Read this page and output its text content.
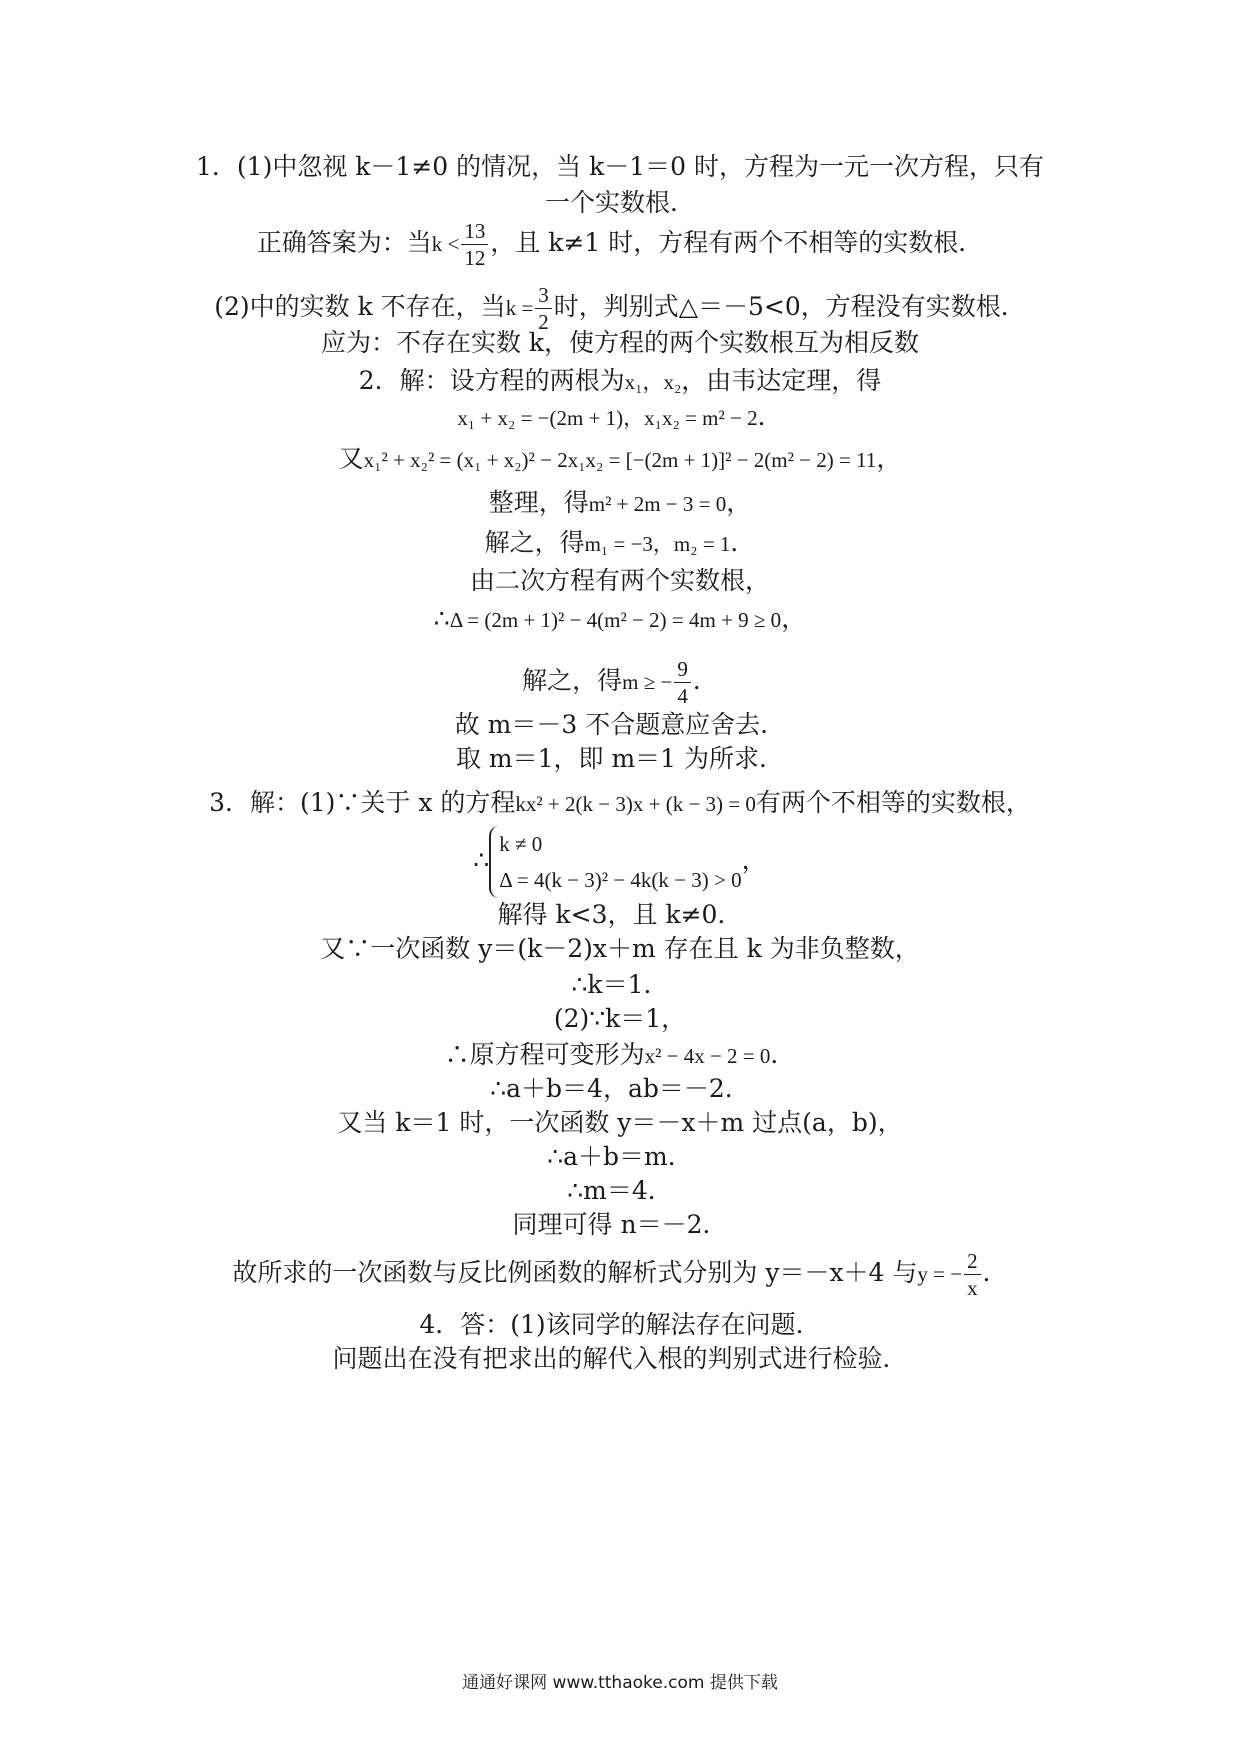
1．(1)中忽视 k－1≠0 的情况，当 k－1＝0 时，方程为一元一次方程，只有
一个实数根．
正确答案为：当$k < \frac{13}{12}$ ，且 k≠1 时，方程有两个不相等的实数根．
(2)中的实数 k 不存在，当$k = \frac{3}{2}$ 时，判别式△＝－5<0，方程没有实数根．
应为：不存在实数 k，使方程的两个实数根互为相反数
2．解：设方程的两根为x₁，x₂，由韦达定理，得
x₁ + x₂ = −(2m + 1)，x₁x₂ = m² − 2．
又x₁² + x₂² = (x₁ + x₂)² − 2x₁x₂ = [−(2m + 1)]² − 2(m² − 2) = 11，
整理，得m² + 2m − 3 = 0，
解之，得m₁ = −3，m₂ = 1．
由二次方程有两个实数根，
∴Δ = (2m + 1)² − 4(m² − 2) = 4m + 9 ≥ 0，
解之，得m ≥ − $\frac{9}{4}$ ．
故 m＝－3 不合题意应舍去．
取 m＝1，即 m＝1 为所求．
3．解：(1)∵关于 x 的方程kx² + 2(k − 3)x + (k − 3) = 0有两个不相等的实数根，
∴
k ≠ 0
Δ = 4(k − 3)² − 4k(k − 3) > 0
，
解得 k<3，且 k≠0．
又∵一次函数 y＝(k－2)x＋m 存在且 k 为非负整数，
∴k＝1．
(2)∵k＝1，
∴原方程可变形为x² − 4x − 2 = 0．
∴a＋b＝4，ab＝－2．
又当 k＝1 时，一次函数 y＝－x＋m 过点(a，b)，
∴a＋b＝m．
∴m＝4．
同理可得 n＝－2．
故所求的一次函数与反比例函数的解析式分别为 y＝－x＋4 与y = − $\frac{2}{x}$ ．
4．答：(1)该同学的解法存在问题．
问题出在没有把求出的解代入根的判别式进行检验．
通通好课网 www.tthaoke.com 提供下载
